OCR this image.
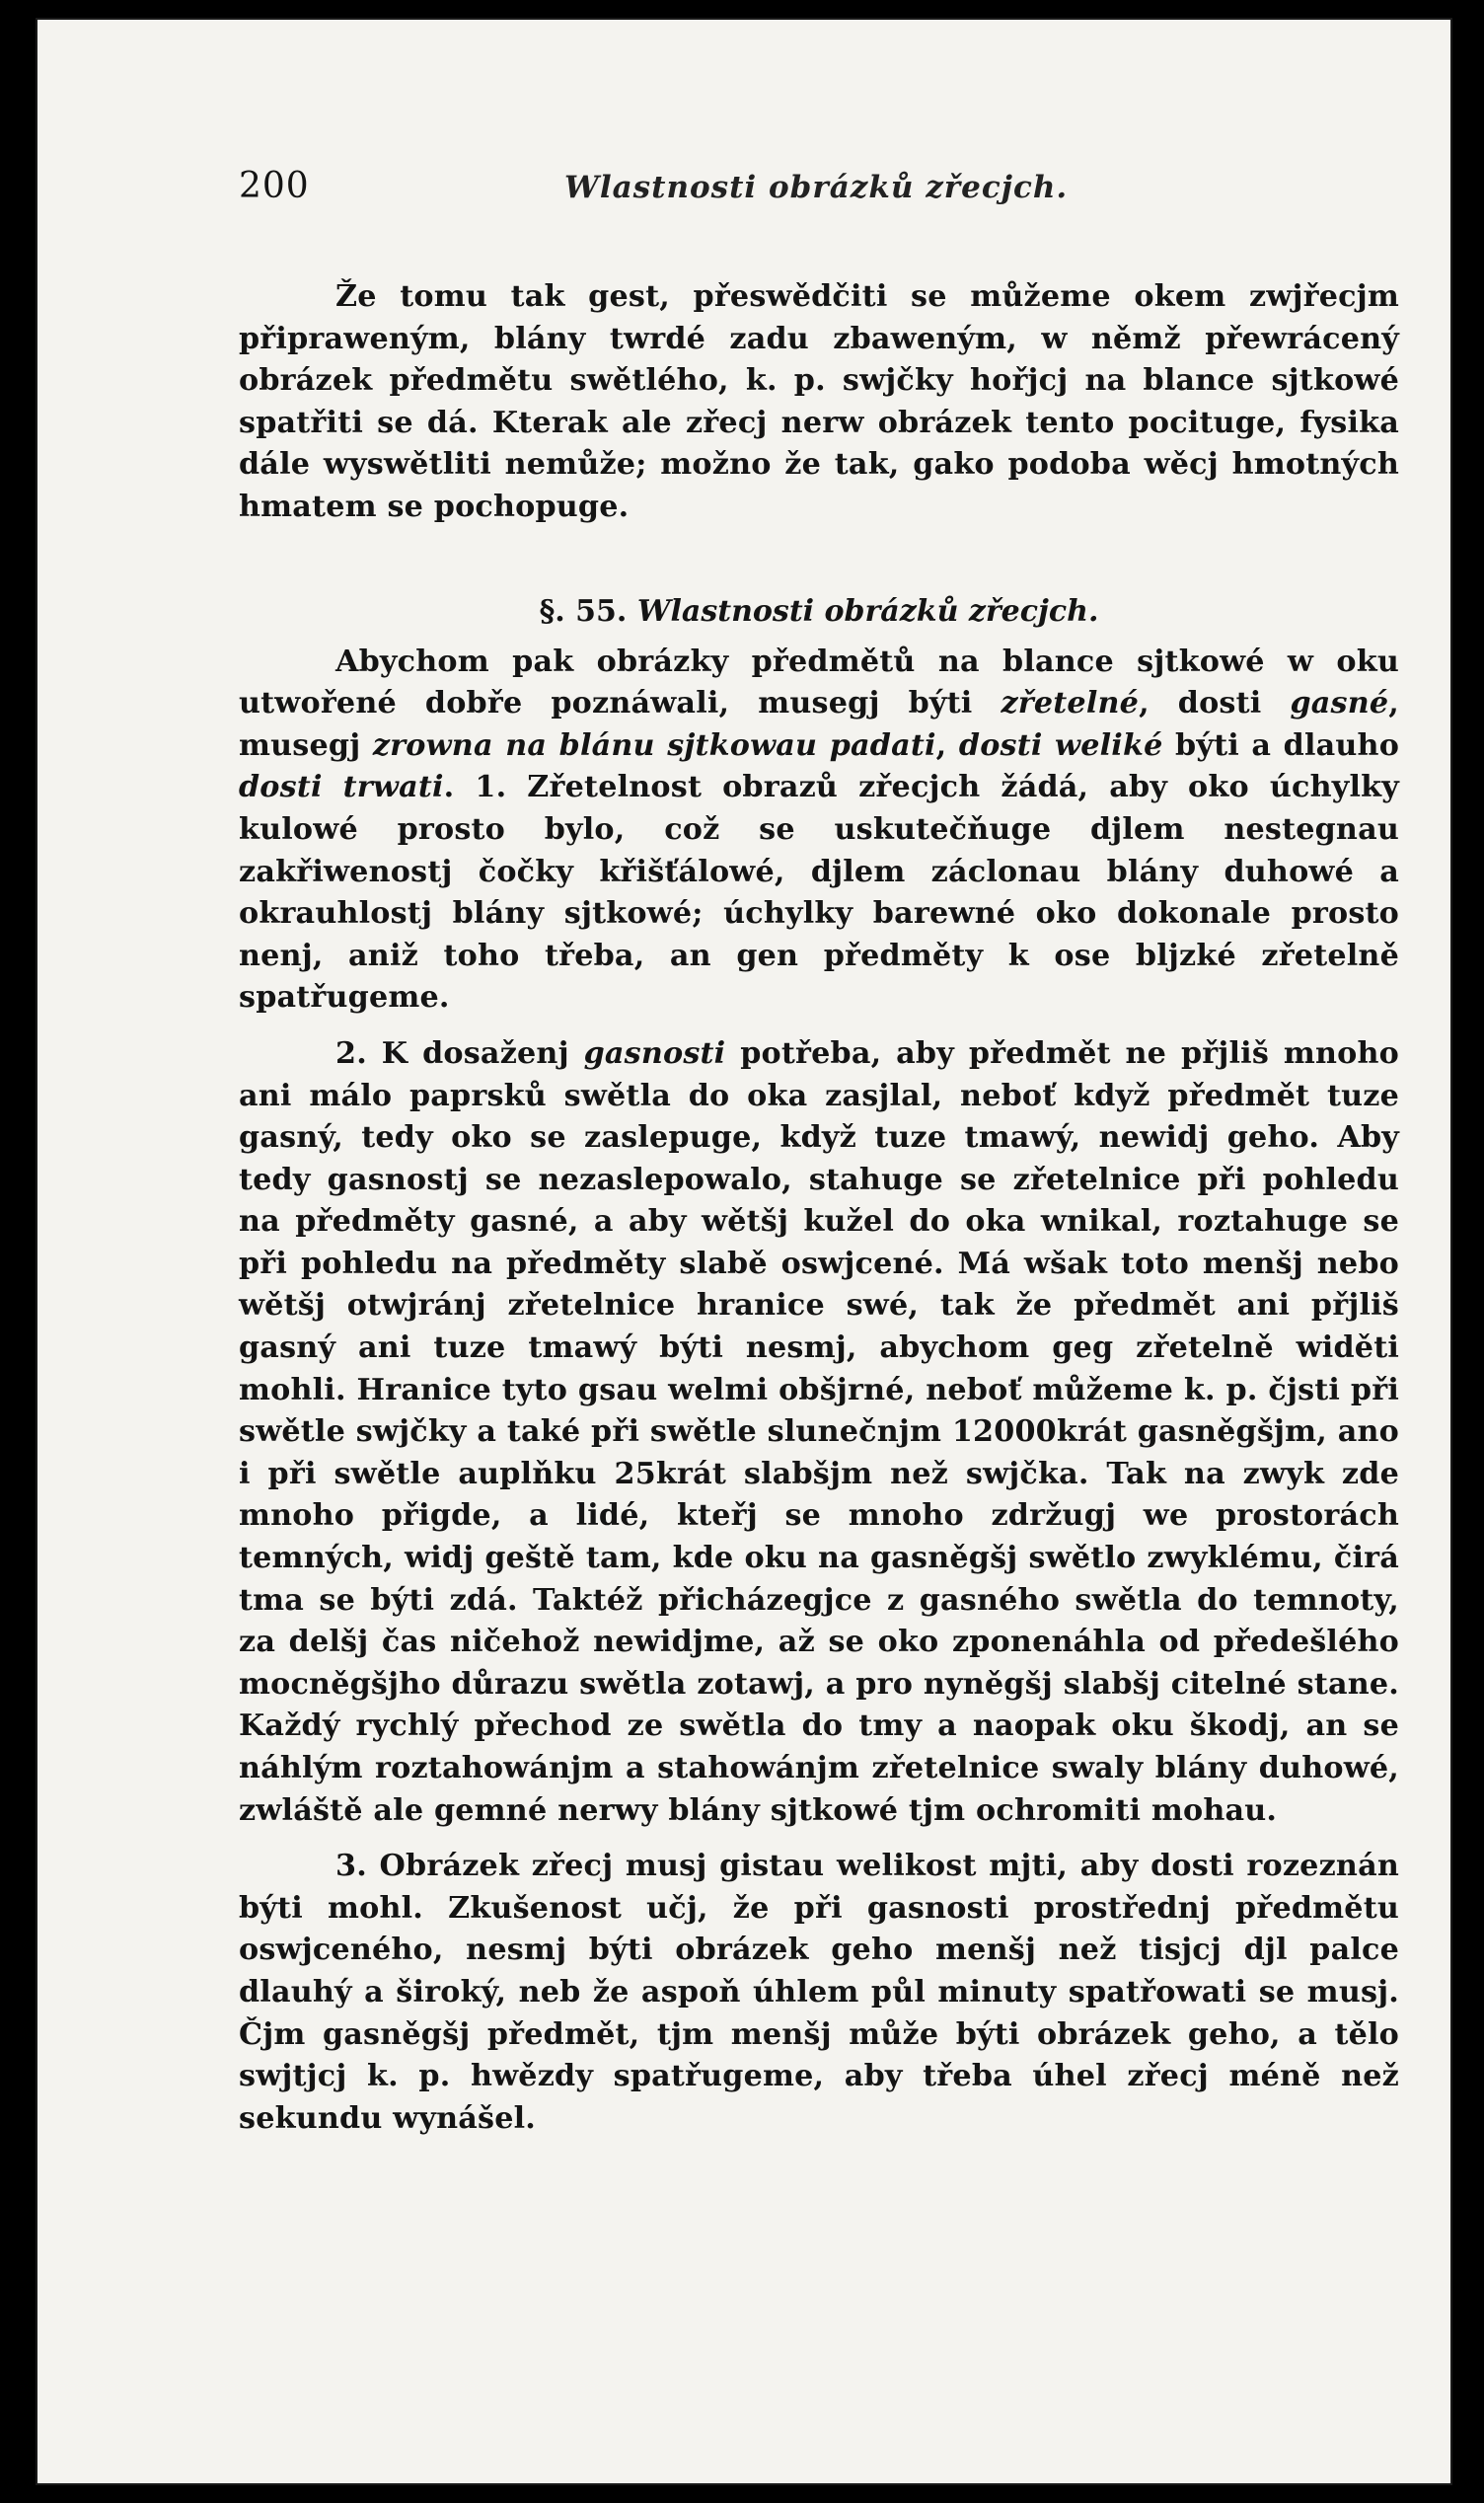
200	Wlastnosti obrázků zřecjch.

Že tomu tak gest, přeswědčiti se můžeme okem zwjřecjm připraweným, blány twrdé zadu zbaweným, w němž přewrácený obrázek předmětu swětlého, k. p. swjčky hořjcj na blance sjtkowé spatřiti se dá. Kterak ale zřecj nerw obrázek tento pocituge, fysika dále wyswětliti nemůže; možno že tak, gako podoba wěcj hmotných hmatem se pochopuge.

§. 55. Wlastnosti obrázků zřecjch.

Abychom pak obrázky předmětů na blance sjtkowé w oku utwořené dobře poznáwali, musegj býti zřetelné, dosti gasné, musegj zrowna na blánu sjtkowau padati, dosti weliké býti a dlauho dosti trwati. 1. Zřetelnost obrazů zřecjch žádá, aby oko úchylky kulowé prosto bylo, což se uskutečňuge djlem nestegnau zakřiwenostj čočky křišťálowé, djlem záclonau blány duhowé a okrauhlostj blány sjtkowé; úchylky barewné oko dokonale prosto nenj, aniž toho třeba, an gen předměty k ose bljzké zřetelně spatřugeme.

2. K dosaženj gasnosti potřeba, aby předmět ne přjliš mnoho ani málo paprsků swětla do oka zasjlal, neboť když předmět tuze gasný, tedy oko se zaslepuge, když tuze tmawý, newidj geho. Aby tedy gasnostj se nezaslepowalo, stahuge se zřetelnice při pohledu na předměty gasné, a aby wětšj kužel do oka wnikal, roztahuge se při pohledu na předměty slabě oswjcené. Má wšak toto menšj nebo wětšj otwjránj zřetelnice hranice swé, tak že předmět ani přjliš gasný ani tuze tmawý býti nesmj, abychom geg zřetelně widěti mohli. Hranice tyto gsau welmi obšjrné, neboť můžeme k. p. čjsti při swětle swjčky a také při swětle slunečnjm 12000krát gasněgšjm, ano i při swětle auplňku 25krát slabšjm než swjčka. Tak na zwyk zde mnoho přigde, a lidé, kteřj se mnoho zdržugj we prostorách temných, widj geště tam, kde oku na gasněgšj swětlo zwyklému, čirá tma se býti zdá. Taktéž přicházegjce z gasného swětla do temnoty, za delšj čas ničehož newidjme, až se oko zponenáhla od předešlého mocněgšjho důrazu swětla zotawj, a pro nyněgšj slabšj citelné stane. Každý rychlý přechod ze swětla do tmy a naopak oku škodj, an se náhlým roztahowánjm a stahowánjm zřetelnice swaly blány duhowé, zwláště ale gemné nerwy blány sjtkowé tjm ochromiti mohau.

3. Obrázek zřecj musj gistau welikost mjti, aby dosti rozeznán býti mohl. Zkušenost učj, že při gasnosti prostřednj předmětu oswjceného, nesmj býti obrázek geho menšj než tisjcj djl palce dlauhý a široký, neb že aspoň úhlem půl minuty spatřowati se musj. Čjm gasněgšj předmět, tjm menšj může býti obrázek geho, a tělo swjtjcj k. p. hwězdy spatřugeme, aby třeba úhel zřecj méně než sekundu wynášel.
